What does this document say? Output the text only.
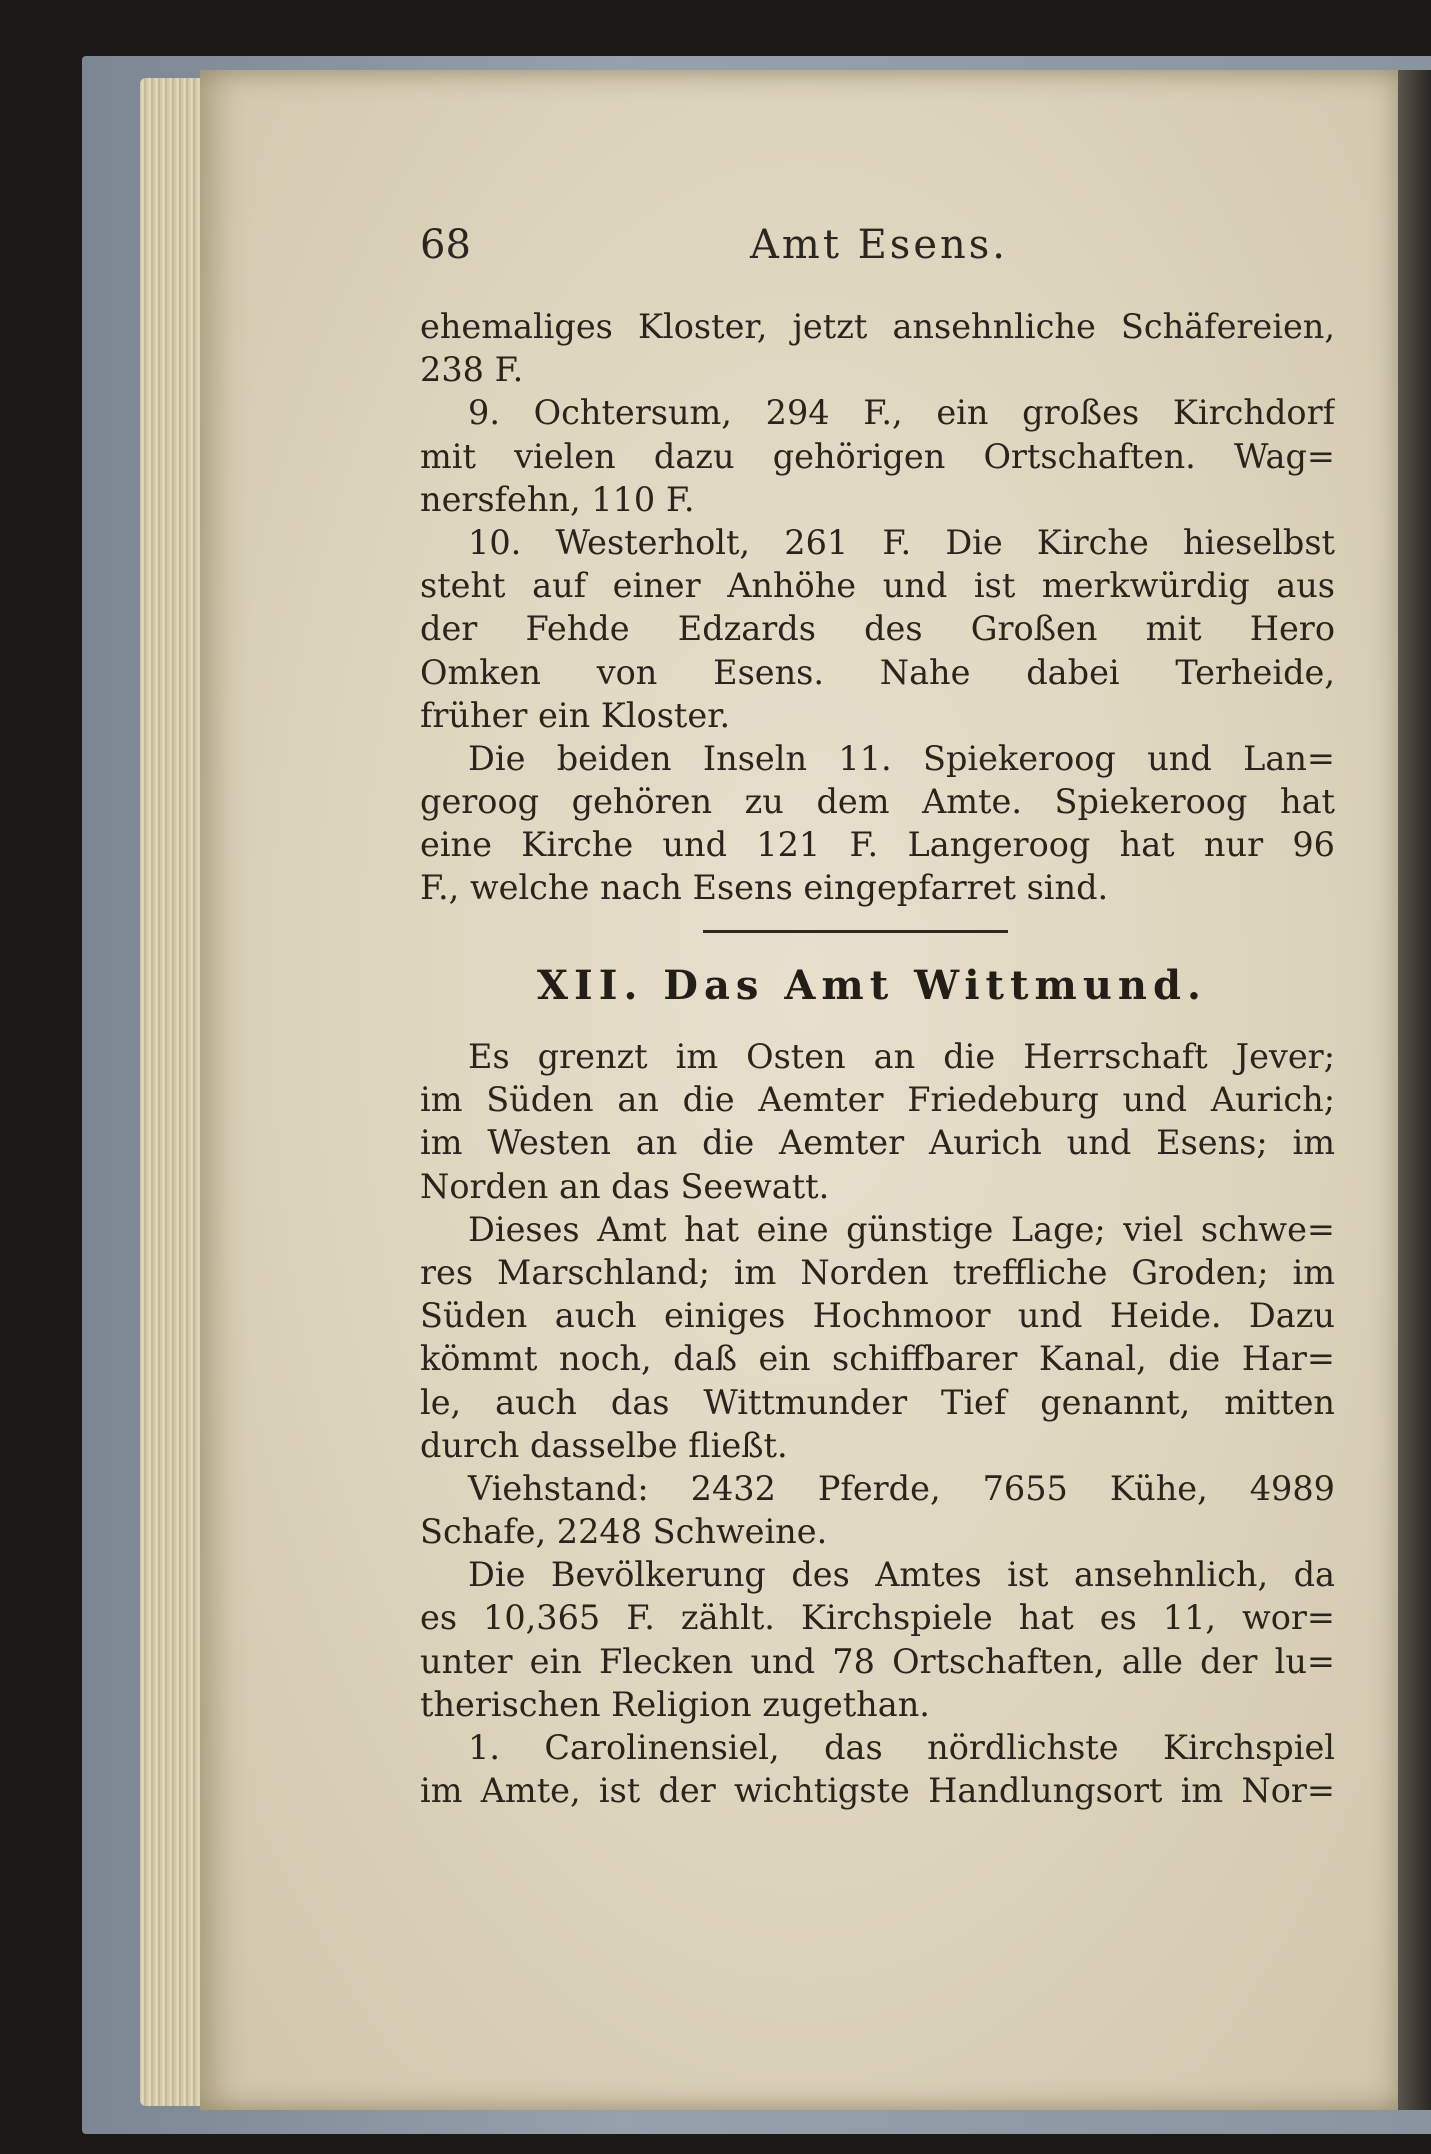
68	Amt Esens.
ehemaliges Kloster, jetzt ansehnliche Schäfereien,
238 F.
9. Ochtersum, 294 F., ein großes Kirchdorf
mit vielen dazu gehörigen Ortschaften. Wag=
nersfehn, 110 F.
10. Westerholt, 261 F. Die Kirche hieselbst
steht auf einer Anhöhe und ist merkwürdig aus
der Fehde Edzards des Großen mit Hero
Omken von Esens. Nahe dabei Terheide,
früher ein Kloster.
Die beiden Inseln 11. Spiekeroog und Lan=
geroog gehören zu dem Amte. Spiekeroog hat
eine Kirche und 121 F. Langeroog hat nur 96
F., welche nach Esens eingepfarret sind.
XII. Das Amt Wittmund.
Es grenzt im Osten an die Herrschaft Jever;
im Süden an die Aemter Friedeburg und Aurich;
im Westen an die Aemter Aurich und Esens; im
Norden an das Seewatt.
Dieses Amt hat eine günstige Lage; viel schwe=
res Marschland; im Norden treffliche Groden; im
Süden auch einiges Hochmoor und Heide. Dazu
kömmt noch, daß ein schiffbarer Kanal, die Har=
le, auch das Wittmunder Tief genannt, mitten
durch dasselbe fließt.
Viehstand: 2432 Pferde, 7655 Kühe, 4989
Schafe, 2248 Schweine.
Die Bevölkerung des Amtes ist ansehnlich, da
es 10,365 F. zählt. Kirchspiele hat es 11, wor=
unter ein Flecken und 78 Ortschaften, alle der lu=
therischen Religion zugethan.
1. Carolinensiel, das nördlichste Kirchspiel
im Amte, ist der wichtigste Handlungsort im Nor=
